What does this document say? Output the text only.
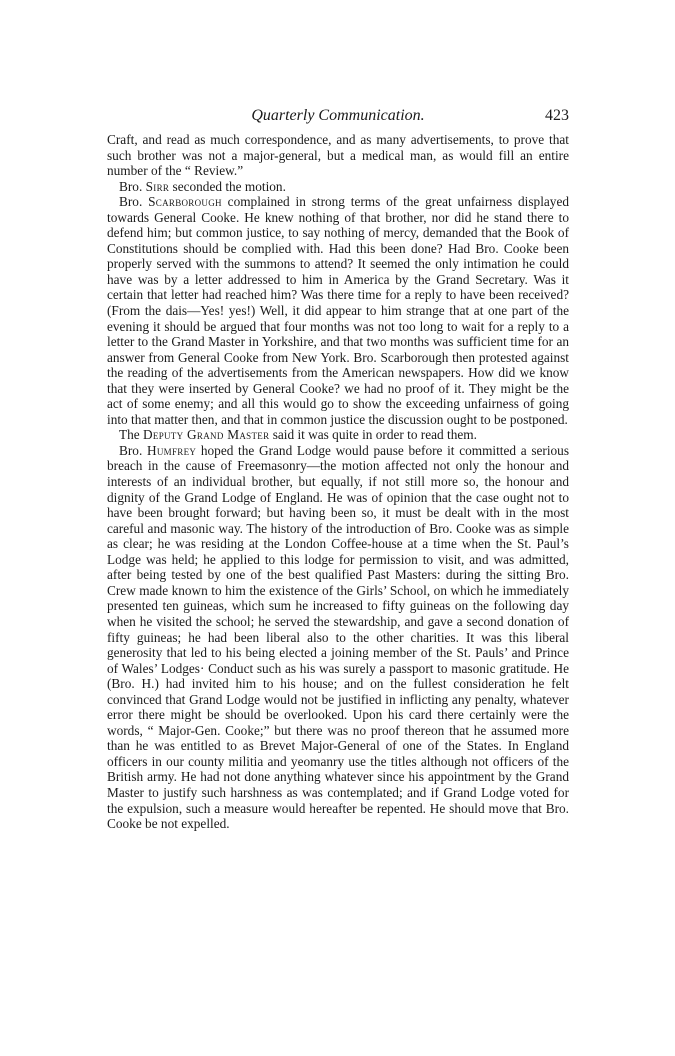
Quarterly Communication.	423

Craft, and read as much correspondence, and as many advertisements, to prove that such brother was not a major-general, but a medical man, as would fill an entire number of the “ Review.”

Bro. Sirr seconded the motion.

Bro. Scarborough complained in strong terms of the great unfairness displayed towards General Cooke. He knew nothing of that brother, nor did he stand there to defend him; but common justice, to say nothing of mercy, demanded that the Book of Constitutions should be complied with. Had this been done? Had Bro. Cooke been properly served with the summons to attend? It seemed the only intimation he could have was by a letter addressed to him in America by the Grand Secretary. Was it certain that letter had reached him? Was there time for a reply to have been received? (From the dais—Yes! yes!) Well, it did appear to him strange that at one part of the evening it should be argued that four months was not too long to wait for a reply to a letter to the Grand Master in Yorkshire, and that two months was sufficient time for an answer from General Cooke from New York. Bro. Scarborough then protested against the reading of the advertisements from the American newspapers. How did we know that they were inserted by General Cooke? we had no proof of it. They might be the act of some enemy; and all this would go to show the exceeding unfairness of going into that matter then, and that in common justice the discussion ought to be postponed.

The Deputy Grand Master said it was quite in order to read them.

Bro. Humfrey hoped the Grand Lodge would pause before it committed a serious breach in the cause of Freemasonry—the motion affected not only the honour and interests of an individual brother, but equally, if not still more so, the honour and dignity of the Grand Lodge of England. He was of opinion that the case ought not to have been brought forward; but having been so, it must be dealt with in the most careful and masonic way. The history of the introduction of Bro. Cooke was as simple as clear; he was residing at the London Coffee-house at a time when the St. Paul’s Lodge was held; he applied to this lodge for permission to visit, and was admitted, after being tested by one of the best qualified Past Masters: during the sitting Bro. Crew made known to him the existence of the Girls’ School, on which he immediately presented ten guineas, which sum he increased to fifty guineas on the following day when he visited the school; he served the stewardship, and gave a second donation of fifty guineas; he had been liberal also to the other charities. It was this liberal generosity that led to his being elected a joining member of the St. Pauls’ and Prince of Wales’ Lodges· Conduct such as his was surely a passport to masonic gratitude. He (Bro. H.) had invited him to his house; and on the fullest consideration he felt convinced that Grand Lodge would not be justified in inflicting any penalty, whatever error there might be should be overlooked. Upon his card there certainly were the words, “ Major-Gen. Cooke;” but there was no proof thereon that he assumed more than he was entitled to as Brevet Major-General of one of the States. In England officers in our county militia and yeomanry use the titles although not officers of the British army. He had not done anything whatever since his appointment by the Grand Master to justify such harshness as was contemplated; and if Grand Lodge voted for the expulsion, such a measure would hereafter be repented. He should move that Bro. Cooke be not expelled.
